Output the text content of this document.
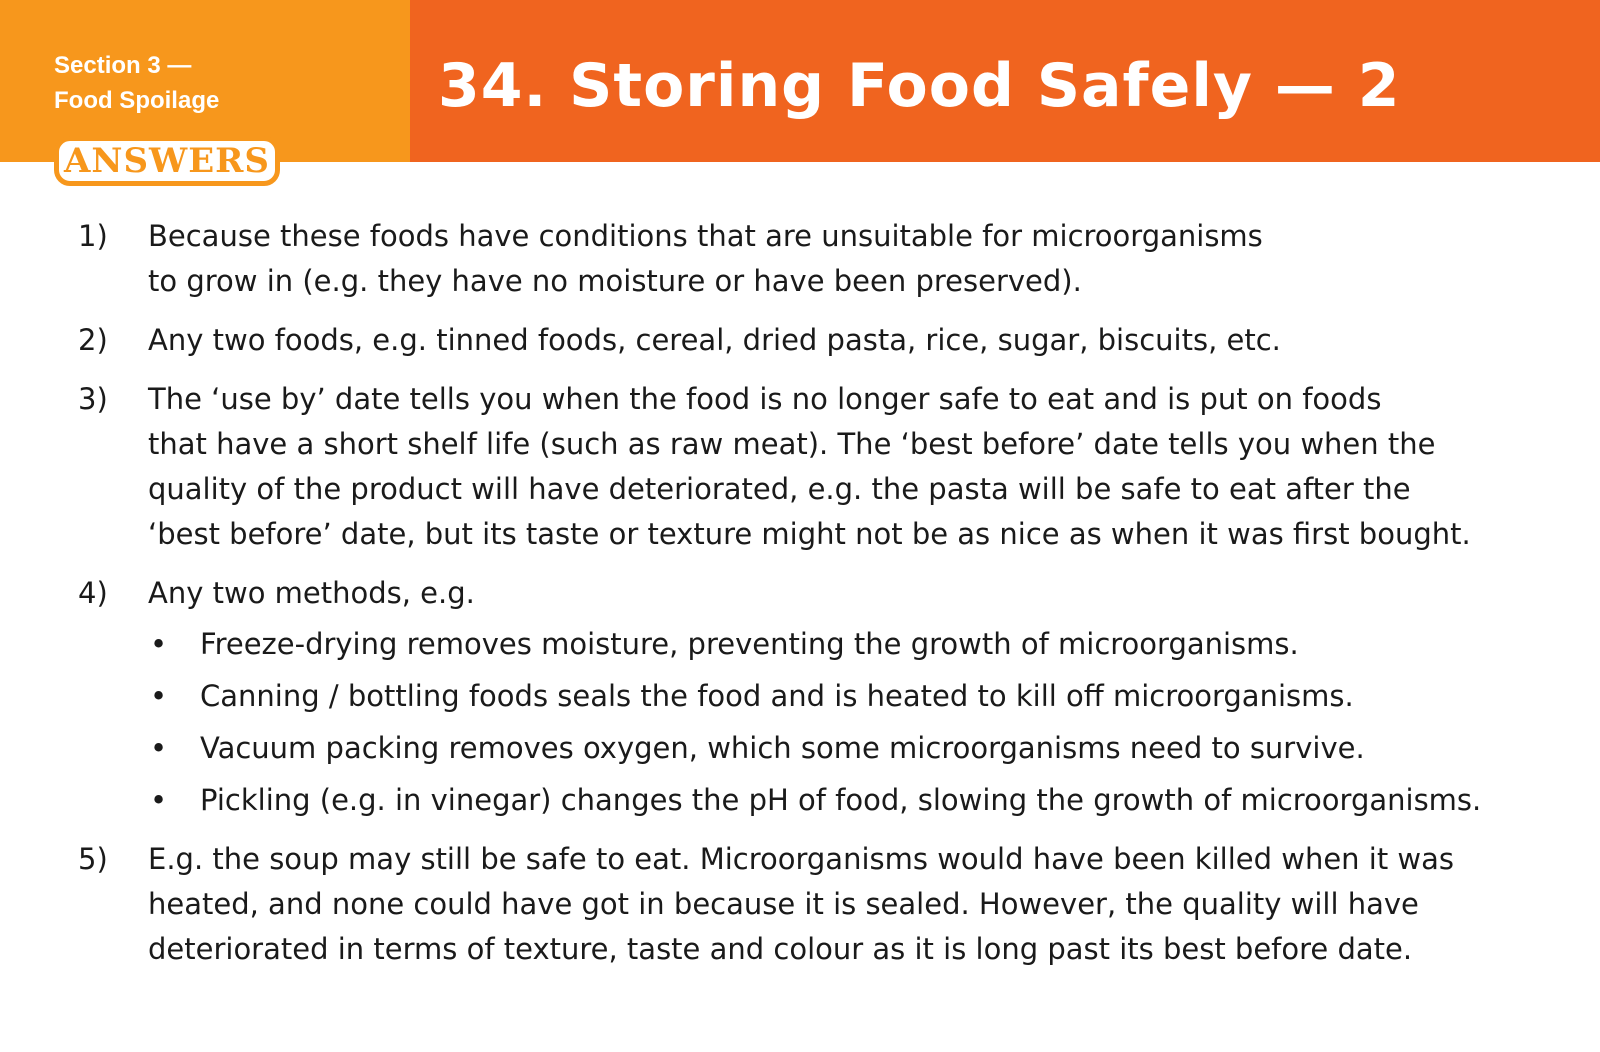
Section 3 —
Food Spoilage	34. Storing Food Safely — 2
ANSWERS
1) Because these foods have conditions that are unsuitable for microorganisms
to grow in (e.g. they have no moisture or have been preserved).
2) Any two foods, e.g. tinned foods, cereal, dried pasta, rice, sugar, biscuits, etc.
3) The ‘use by’ date tells you when the food is no longer safe to eat and is put on foods
that have a short shelf life (such as raw meat). The ‘best before’ date tells you when the
quality of the product will have deteriorated, e.g. the pasta will be safe to eat after the
‘best before’ date, but its taste or texture might not be as nice as when it was first bought.
4) Any two methods, e.g.
• Freeze-drying removes moisture, preventing the growth of microorganisms.
• Canning / bottling foods seals the food and is heated to kill off microorganisms.
• Vacuum packing removes oxygen, which some microorganisms need to survive.
• Pickling (e.g. in vinegar) changes the pH of food, slowing the growth of microorganisms.
5) E.g. the soup may still be safe to eat. Microorganisms would have been killed when it was
heated, and none could have got in because it is sealed. However, the quality will have
deteriorated in terms of texture, taste and colour as it is long past its best before date.
